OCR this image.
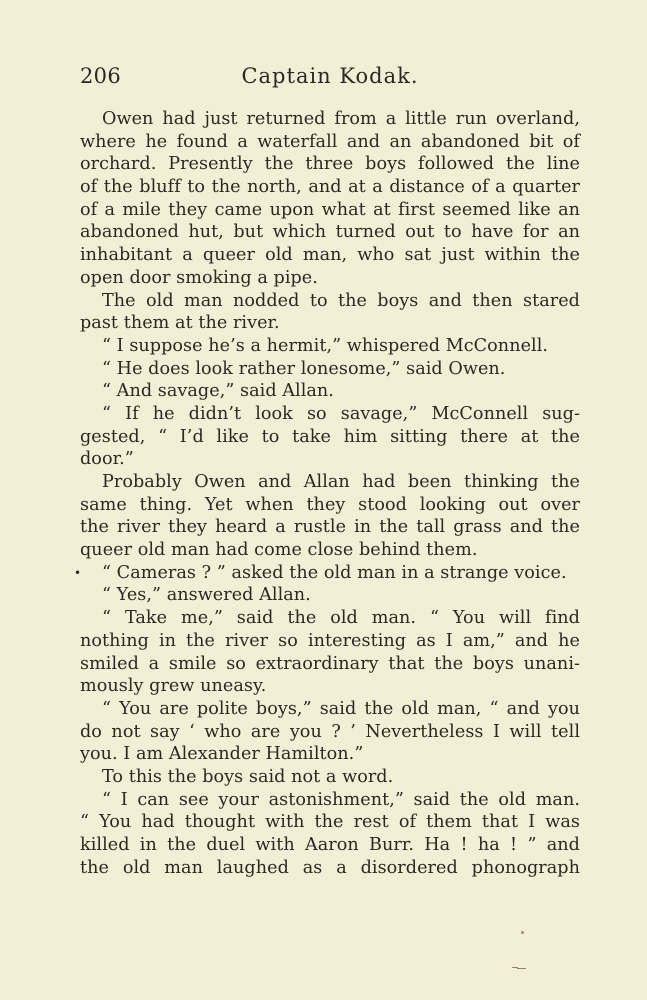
206	Captain Kodak.
Owen had just returned from a little run overland,
where he found a waterfall and an abandoned bit of
orchard. Presently the three boys followed the line
of the bluff to the north, and at a distance of a quarter
of a mile they came upon what at first seemed like an
abandoned hut, but which turned out to have for an
inhabitant a queer old man, who sat just within the
open door smoking a pipe.
The old man nodded to the boys and then stared
past them at the river.
“ I suppose he’s a hermit,” whispered McConnell.
“ He does look rather lonesome,” said Owen.
“ And savage,” said Allan.
“ If he didn’t look so savage,” McConnell sug-
gested, “ I’d like to take him sitting there at the
door.”
Probably Owen and Allan had been thinking the
same thing. Yet when they stood looking out over
the river they heard a rustle in the tall grass and the
queer old man had come close behind them.
• “ Cameras ? ” asked the old man in a strange voice.
“ Yes,” answered Allan.
“ Take me,” said the old man. “ You will find
nothing in the river so interesting as I am,” and he
smiled a smile so extraordinary that the boys unani-
mously grew uneasy.
“ You are polite boys,” said the old man, “ and you
do not say ‘ who are you ? ’ Nevertheless I will tell
you. I am Alexander Hamilton.”
To this the boys said not a word.
“ I can see your astonishment,” said the old man.
“ You had thought with the rest of them that I was
killed in the duel with Aaron Burr. Ha ! ha ! ” and
the old man laughed as a disordered phonograph
